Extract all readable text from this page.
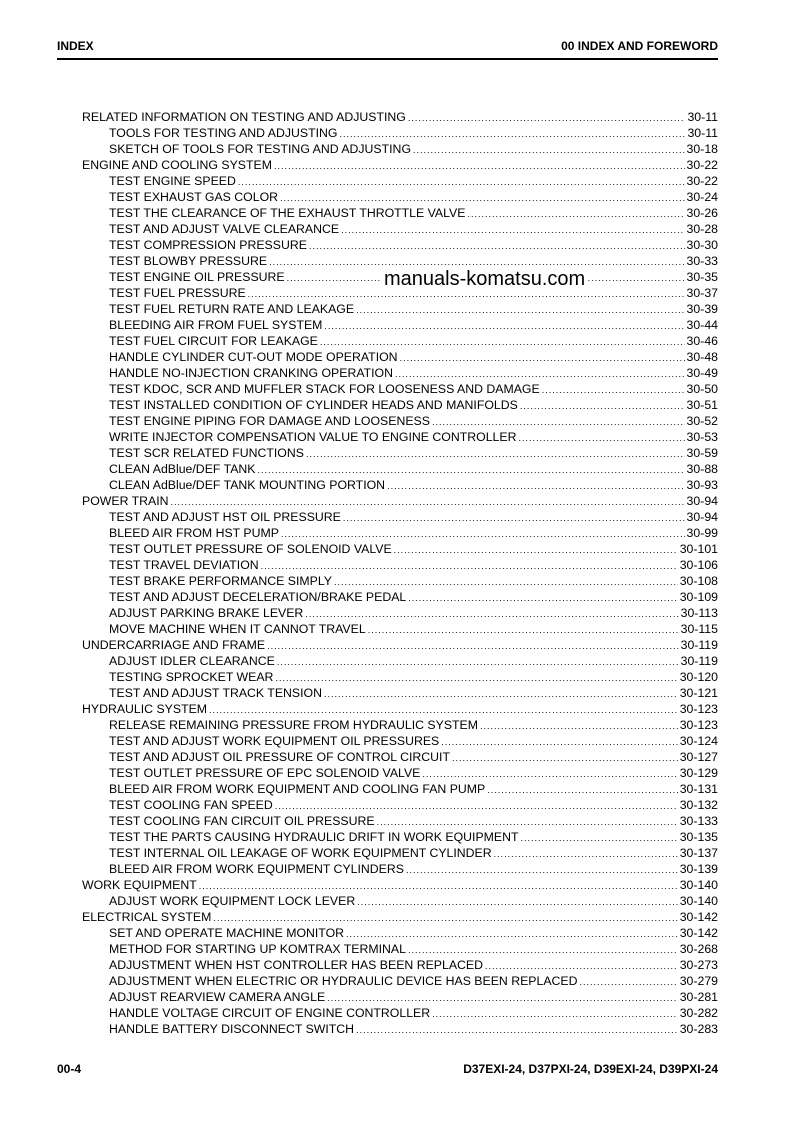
INDEX	00 INDEX AND FOREWORD
RELATED INFORMATION ON TESTING AND ADJUSTING .....	30-11
TOOLS FOR TESTING AND ADJUSTING .....	30-11
SKETCH OF TOOLS FOR TESTING AND ADJUSTING .....	30-18
ENGINE AND COOLING SYSTEM .....	30-22
TEST ENGINE SPEED .....	30-22
TEST EXHAUST GAS COLOR .....	30-24
TEST THE CLEARANCE OF THE EXHAUST THROTTLE VALVE .....	30-26
TEST AND ADJUST VALVE CLEARANCE .....	30-28
TEST COMPRESSION PRESSURE .....	30-30
TEST BLOWBY PRESSURE .....	30-33
TEST ENGINE OIL PRESSURE .....	30-35
TEST FUEL PRESSURE .....	30-37
TEST FUEL RETURN RATE AND LEAKAGE .....	30-39
BLEEDING AIR FROM FUEL SYSTEM .....	30-44
TEST FUEL CIRCUIT FOR LEAKAGE .....	30-46
HANDLE CYLINDER CUT-OUT MODE OPERATION .....	30-48
HANDLE NO-INJECTION CRANKING OPERATION .....	30-49
TEST KDOC, SCR AND MUFFLER STACK FOR LOOSENESS AND DAMAGE .....	30-50
TEST INSTALLED CONDITION OF CYLINDER HEADS AND MANIFOLDS .....	30-51
TEST ENGINE PIPING FOR DAMAGE AND LOOSENESS .....	30-52
WRITE INJECTOR COMPENSATION VALUE TO ENGINE CONTROLLER .....	30-53
TEST SCR RELATED FUNCTIONS .....	30-59
CLEAN AdBlue/DEF TANK .....	30-88
CLEAN AdBlue/DEF TANK MOUNTING PORTION .....	30-93
POWER TRAIN .....	30-94
TEST AND ADJUST HST OIL PRESSURE .....	30-94
BLEED AIR FROM HST PUMP .....	30-99
TEST OUTLET PRESSURE OF SOLENOID VALVE .....	30-101
TEST TRAVEL DEVIATION .....	30-106
TEST BRAKE PERFORMANCE SIMPLY .....	30-108
TEST AND ADJUST DECELERATION/BRAKE PEDAL .....	30-109
ADJUST PARKING BRAKE LEVER .....	30-113
MOVE MACHINE WHEN IT CANNOT TRAVEL .....	30-115
UNDERCARRIAGE AND FRAME .....	30-119
ADJUST IDLER CLEARANCE .....	30-119
TESTING SPROCKET WEAR .....	30-120
TEST AND ADJUST TRACK TENSION .....	30-121
HYDRAULIC SYSTEM .....	30-123
RELEASE REMAINING PRESSURE FROM HYDRAULIC SYSTEM .....	30-123
TEST AND ADJUST WORK EQUIPMENT OIL PRESSURES .....	30-124
TEST AND ADJUST OIL PRESSURE OF CONTROL CIRCUIT .....	30-127
TEST OUTLET PRESSURE OF EPC SOLENOID VALVE .....	30-129
BLEED AIR FROM WORK EQUIPMENT AND COOLING FAN PUMP .....	30-131
TEST COOLING FAN SPEED .....	30-132
TEST COOLING FAN CIRCUIT OIL PRESSURE .....	30-133
TEST THE PARTS CAUSING HYDRAULIC DRIFT IN WORK EQUIPMENT .....	30-135
TEST INTERNAL OIL LEAKAGE OF WORK EQUIPMENT CYLINDER .....	30-137
BLEED AIR FROM WORK EQUIPMENT CYLINDERS .....	30-139
WORK EQUIPMENT .....	30-140
ADJUST WORK EQUIPMENT LOCK LEVER .....	30-140
ELECTRICAL SYSTEM .....	30-142
SET AND OPERATE MACHINE MONITOR .....	30-142
METHOD FOR STARTING UP KOMTRAX TERMINAL .....	30-268
ADJUSTMENT WHEN HST CONTROLLER HAS BEEN REPLACED .....	30-273
ADJUSTMENT WHEN ELECTRIC OR HYDRAULIC DEVICE HAS BEEN REPLACED .....	30-279
ADJUST REARVIEW CAMERA ANGLE .....	30-281
HANDLE VOLTAGE CIRCUIT OF ENGINE CONTROLLER .....	30-282
HANDLE BATTERY DISCONNECT SWITCH .....	30-283
manuals-komatsu.com
00-4	D37EXI-24, D37PXI-24, D39EXI-24, D39PXI-24
